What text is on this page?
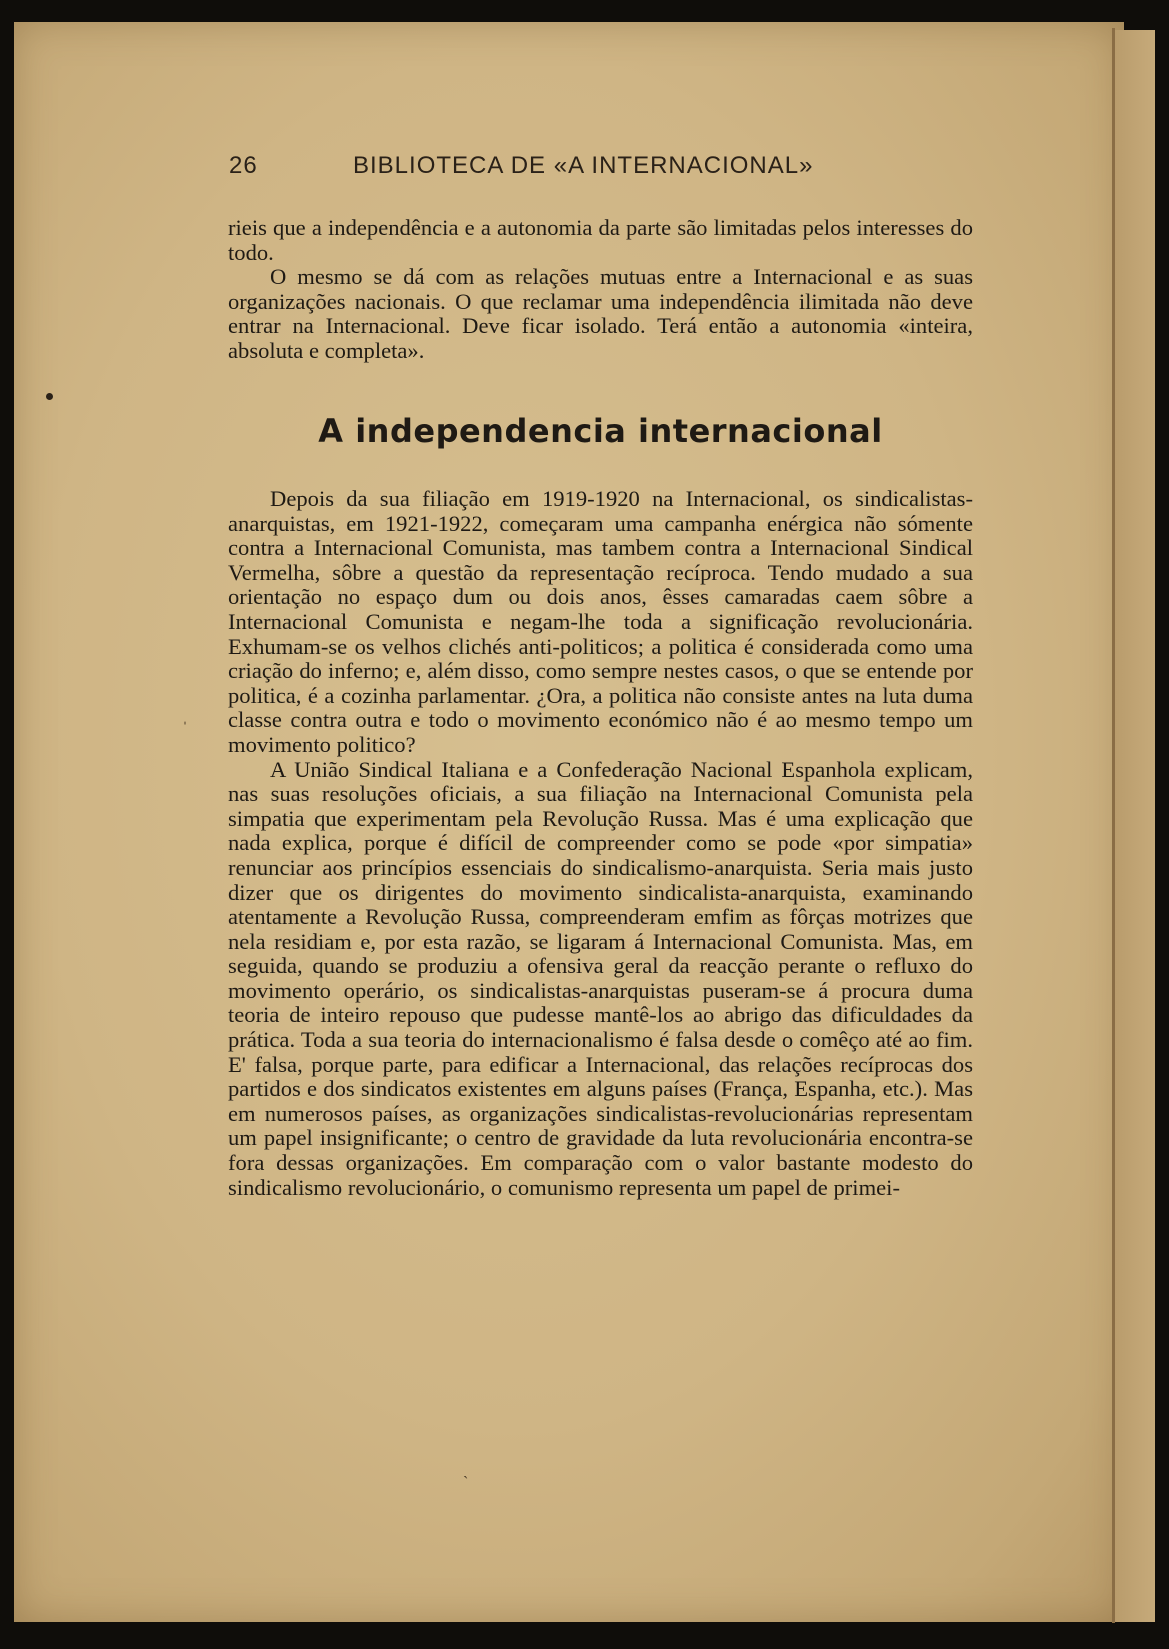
26	BIBLIOTECA DE «A INTERNACIONAL»

rieis que a independência e a autonomia da parte são limitadas pelos interesses do todo.

O mesmo se dá com as relações mutuas entre a Internacional e as suas organizações nacionais. O que reclamar uma independência ilimitada não deve entrar na Internacional. Deve ficar isolado. Terá então a autonomia «inteira, absoluta e completa».

A independencia internacional

Depois da sua filiação em 1919-1920 na Internacional, os sindicalistas-anarquistas, em 1921-1922, começaram uma campanha enérgica não sómente contra a Internacional Comunista, mas tambem contra a Internacional Sindical Vermelha, sôbre a questão da representação recíproca. Tendo mudado a sua orientação no espaço dum ou dois anos, êsses camaradas caem sôbre a Internacional Comunista e negam-lhe toda a significação revolucionária. Exhumam-se os velhos clichés anti-politicos; a politica é considerada como uma criação do inferno; e, além disso, como sempre nestes casos, o que se entende por politica, é a cozinha parlamentar. ¿Ora, a politica não consiste antes na luta duma classe contra outra e todo o movimento económico não é ao mesmo tempo um movimento politico?

A União Sindical Italiana e a Confederação Nacional Espanhola explicam, nas suas resoluções oficiais, a sua filiação na Internacional Comunista pela simpatia que experimentam pela Revolução Russa. Mas é uma explicação que nada explica, porque é difícil de compreender como se pode «por simpatia» renunciar aos princípios essenciais do sindicalismo-anarquista. Seria mais justo dizer que os dirigentes do movimento sindicalista-anarquista, examinando atentamente a Revolução Russa, compreenderam emfim as fôrças motrizes que nela residiam e, por esta razão, se ligaram á Internacional Comunista. Mas, em seguida, quando se produziu a ofensiva geral da reacção perante o refluxo do movimento operário, os sindicalistas-anarquistas puseram-se á procura duma teoria de inteiro repouso que pudesse mantê-los ao abrigo das dificuldades da prática. Toda a sua teoria do internacionalismo é falsa desde o comêço até ao fim. E' falsa, porque parte, para edificar a Internacional, das relações recíprocas dos partidos e dos sindicatos existentes em alguns países (França, Espanha, etc.). Mas em numerosos países, as organizações sindicalistas-revolucionárias representam um papel insignificante; o centro de gravidade da luta revolucionária encontra-se fora dessas organizações. Em comparação com o valor bastante modesto do sindicalismo revolucionário, o comunismo representa um papel de primei-

ˈ
ˏ
